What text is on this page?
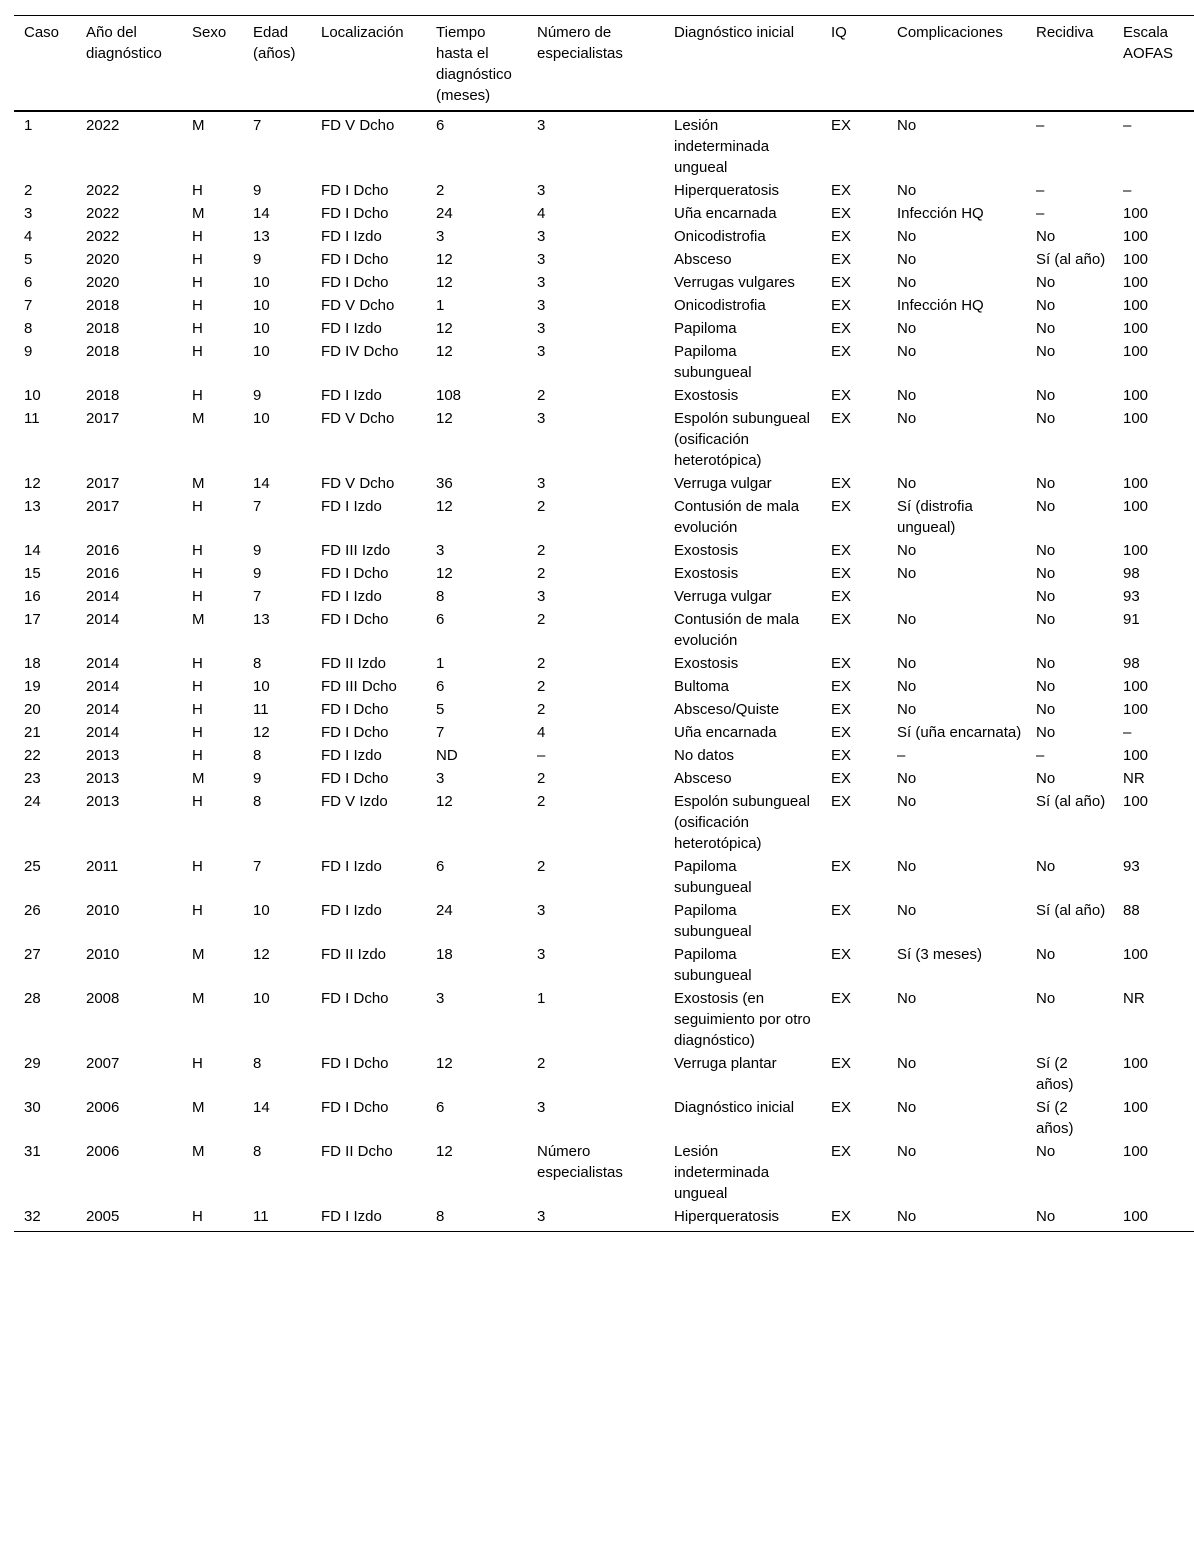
Caso	Año del diagnóstico	Sexo	Edad (años)	Localización	Tiempo hasta el diagnóstico (meses)	Número de especialistas	Diagnóstico inicial	IQ	Complicaciones	Recidiva	Escala AOFAS
1	2022	M	7	FD V Dcho	6	3	Lesión indeterminada ungueal	EX	No	–	–
2	2022	H	9	FD I Dcho	2	3	Hiperqueratosis	EX	No	–	–
3	2022	M	14	FD I Dcho	24	4	Uña encarnada	EX	Infección HQ	–	100
4	2022	H	13	FD I Izdo	3	3	Onicodistrofia	EX	No	No	100
5	2020	H	9	FD I Dcho	12	3	Absceso	EX	No	Sí (al año)	100
6	2020	H	10	FD I Dcho	12	3	Verrugas vulgares	EX	No	No	100
7	2018	H	10	FD V Dcho	1	3	Onicodistrofia	EX	Infección HQ	No	100
8	2018	H	10	FD I Izdo	12	3	Papiloma	EX	No	No	100
9	2018	H	10	FD IV Dcho	12	3	Papiloma subungueal	EX	No	No	100
10	2018	H	9	FD I Izdo	108	2	Exostosis	EX	No	No	100
11	2017	M	10	FD V Dcho	12	3	Espolón subungueal (osificación heterotópica)	EX	No	No	100
12	2017	M	14	FD V Dcho	36	3	Verruga vulgar	EX	No	No	100
13	2017	H	7	FD I Izdo	12	2	Contusión de mala evolución	EX	Sí (distrofia ungueal)	No	100
14	2016	H	9	FD III Izdo	3	2	Exostosis	EX	No	No	100
15	2016	H	9	FD I Dcho	12	2	Exostosis	EX	No	No	98
16	2014	H	7	FD I Izdo	8	3	Verruga vulgar	EX		No	93
17	2014	M	13	FD I Dcho	6	2	Contusión de mala evolución	EX	No	No	91
18	2014	H	8	FD II Izdo	1	2	Exostosis	EX	No	No	98
19	2014	H	10	FD III Dcho	6	2	Bultoma	EX	No	No	100
20	2014	H	11	FD I Dcho	5	2	Absceso/Quiste	EX	No	No	100
21	2014	H	12	FD I Dcho	7	4	Uña encarnada	EX	Sí (uña encarnata)	No	–
22	2013	H	8	FD I Izdo	ND	–	No datos	EX	–	–	100
23	2013	M	9	FD I Dcho	3	2	Absceso	EX	No	No	NR
24	2013	H	8	FD V Izdo	12	2	Espolón subungueal (osificación heterotópica)	EX	No	Sí (al año)	100
25	2011	H	7	FD I Izdo	6	2	Papiloma subungueal	EX	No	No	93
26	2010	H	10	FD I Izdo	24	3	Papiloma subungueal	EX	No	Sí (al año)	88
27	2010	M	12	FD II Izdo	18	3	Papiloma subungueal	EX	Sí (3 meses)	No	100
28	2008	M	10	FD I Dcho	3	1	Exostosis (en seguimiento por otro diagnóstico)	EX	No	No	NR
29	2007	H	8	FD I Dcho	12	2	Verruga plantar	EX	No	Sí (2 años)	100
30	2006	M	14	FD I Dcho	6	3	Diagnóstico inicial	EX	No	Sí (2 años)	100
31	2006	M	8	FD II Dcho	12	Número especialistas	Lesión indeterminada ungueal	EX	No	No	100
32	2005	H	11	FD I Izdo	8	3	Hiperqueratosis	EX	No	No	100
